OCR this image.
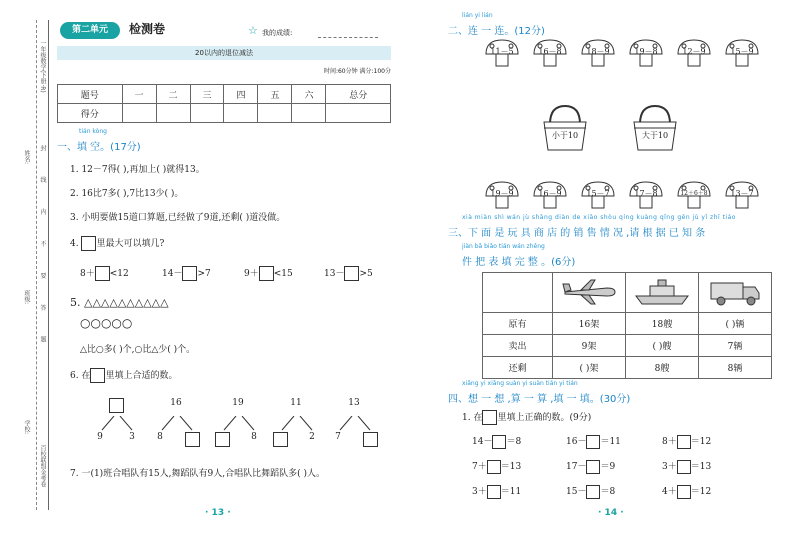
姓名:
班级:
学校:
一年级数学(下册·R)
百校联盟金考卷
封 线 内 不 要 答 题
第二单元	检测卷	☆ 我的成绩:
20以内的退位减法
时间:60分钟 满分:100分
题号	一	二	三	四	五	六	总分
得分							
tián kòng
一、填 空。(17分)
1. 12－7得( ),再加上( )就得13。
2. 16比7多( ),7比13少( )。
3. 小明要做15道口算题,已经做了9道,还剩( )道没做。
4. 里最大可以填几?
8＋ <12	14－ >7	9＋ <15	13－ >5
5. △△△△△△△△△△
○○○○○
△比○多( )个,○比△少( )个。
6. 在 里填上合适的数。
9	3
16
8
19
8
11
2
13
7
7. 一(1)班合唱队有15人,舞蹈队有9人,合唱队比舞蹈队多( )人。
· 13 ·
lián yi lián
二、连 一 连。(12分)
11－5	16－8	18－9	19－8	12－9	15－9
小于10	大于10
19－9	16－9	15－7	17－8	12＋6＋8	13－7
xià miàn shì wán jù shāng diàn de xiāo shòu qíng kuàng qǐng gēn jù yǐ zhī tiáo
三、下 面 是 玩 具 商 店 的 销 售 情 况 ,请 根 据 已 知 条
jiàn bǎ biǎo tián wán zhěng
件 把 表 填 完 整 。(6分)

原有	16架	18艘	( )辆
卖出	9架	( )艘	7辆
还剩	( )架	8艘	8辆
xiǎng yi xiǎng suàn yi suàn tián yi tián
四、想 一 想 ,算 一 算 ,填 一 填。(30分)
1. 在 里填上正确的数。(9分)
14－ ＝8	16－ ＝11	8＋ ＝12
7＋ ＝13	17－ ＝9	3＋ ＝13
3＋ ＝11	15－ ＝8	4＋ ＝12
· 14 ·
